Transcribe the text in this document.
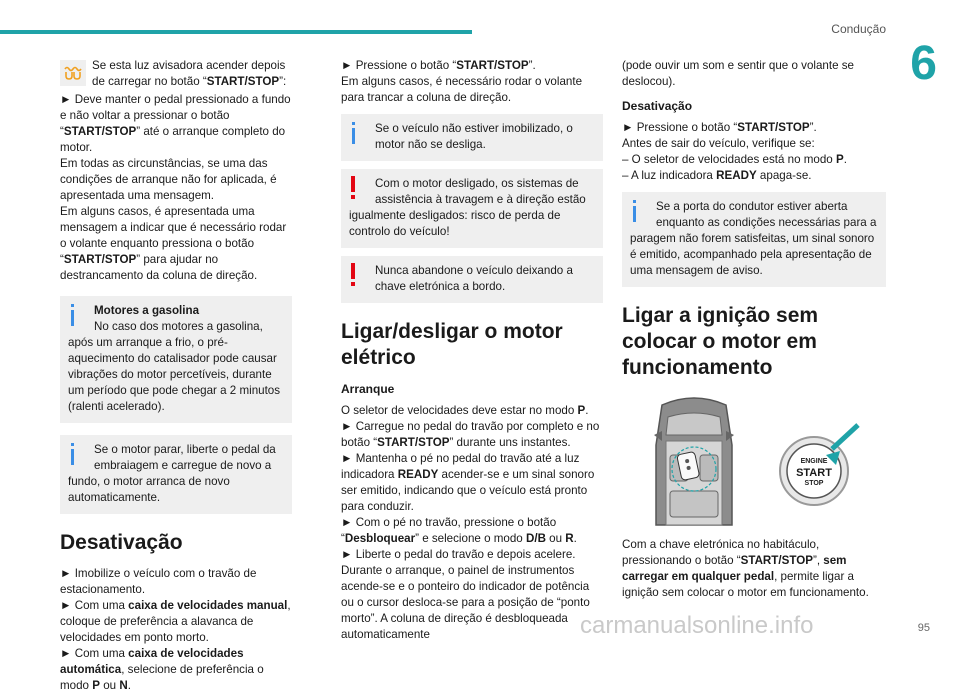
Condução
6

Se esta luz avisadora acender depois de carregar no botão “START/STOP”:

► Deve manter o pedal pressionado a fundo e não voltar a pressionar o botão “START/STOP” até o arranque completo do motor.

Em todas as circunstâncias, se uma das condições de arranque não for aplicada, é apresentada uma mensagem.

Em alguns casos, é apresentada uma mensagem a indicar que é necessário rodar o volante enquanto pressiona o botão “START/STOP” para ajudar no destrancamento da coluna de direção.

Motores a gasolina
No caso dos motores a gasolina, após um arranque a frio, o pré-aquecimento do catalisador pode causar vibrações do motor percetíveis, durante um período que pode chegar a 2 minutos (ralenti acelerado).

Se o motor parar, liberte o pedal da embraiagem e carregue de novo a fundo, o motor arranca de novo automaticamente.

Desativação

► Imobilize o veículo com o travão de estacionamento.

► Com uma caixa de velocidades manual, coloque de preferência a alavanca de velocidades em ponto morto.

► Com uma caixa de velocidades automática, selecione de preferência o modo P ou N.

► Pressione o botão “START/STOP”.

Em alguns casos, é necessário rodar o volante para trancar a coluna de direção.

Se o veículo não estiver imobilizado, o motor não se desliga.

Com o motor desligado, os sistemas de assistência à travagem e à direção estão igualmente desligados: risco de perda de controlo do veículo!

Nunca abandone o veículo deixando a chave eletrónica a bordo.

Ligar/desligar o motor elétrico
Arranque

O seletor de velocidades deve estar no modo P.

► Carregue no pedal do travão por completo e no botão “START/STOP” durante uns instantes.

► Mantenha o pé no pedal do travão até a luz indicadora READY acender-se e um sinal sonoro ser emitido, indicando que o veículo está pronto para conduzir.

► Com o pé no travão, pressione o botão “Desbloquear” e selecione o modo D/B ou R.

► Liberte o pedal do travão e depois acelere.

Durante o arranque, o painel de instrumentos acende-se e o ponteiro do indicador de potência ou o cursor desloca-se para a posição de “ponto morto”. A coluna de direção é desbloqueada automaticamente

(pode ouvir um som e sentir que o volante se deslocou).

Desativação

► Pressione o botão “START/STOP”.

Antes de sair do veículo, verifique se:

– O seletor de velocidades está no modo P.

– A luz indicadora READY apaga-se.

Se a porta do condutor estiver aberta enquanto as condições necessárias para a paragem não forem satisfeitas, um sinal sonoro é emitido, acompanhado pela apresentação de uma mensagem de aviso.

Ligar a ignição sem colocar o motor em funcionamento
ENGINE
START
STOP

Com a chave eletrónica no habitáculo, pressionando o botão “START/STOP”, sem carregar em qualquer pedal, permite ligar a ignição sem colocar o motor em funcionamento.

carmanualsonline.info	95
